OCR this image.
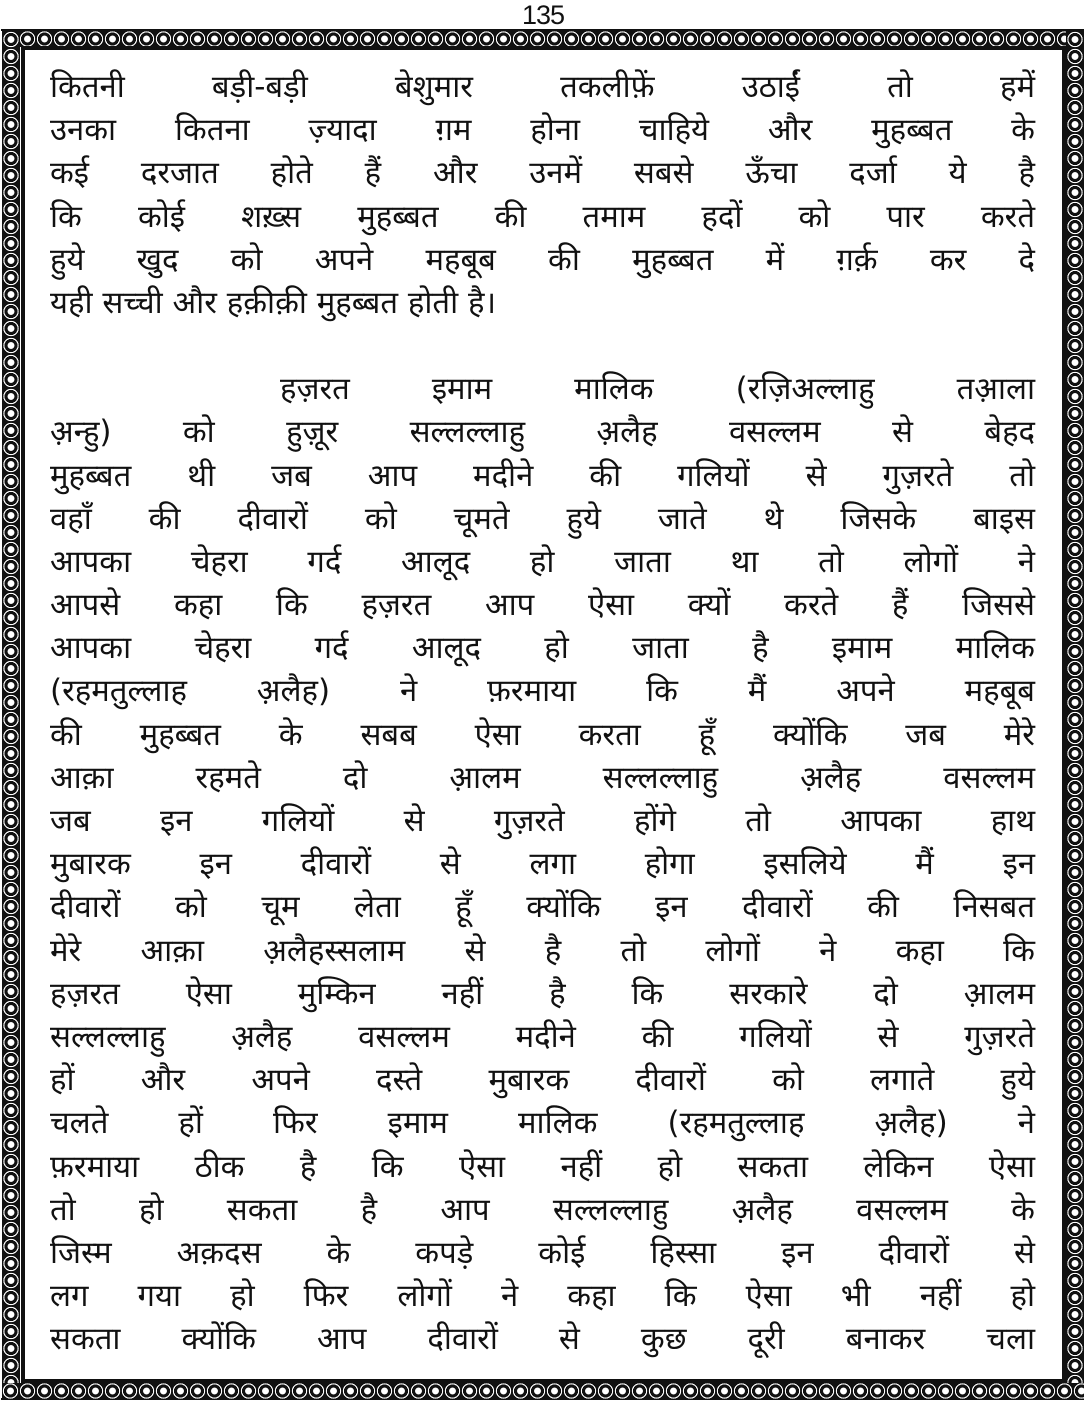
135
कितनी बड़ी-बड़ी बेशुमार तकलीफ़ें उठाईं तो हमें
उनका कितना ज़्यादा ग़म होना चाहिये और मुहब्बत के
कई दरजात होते हैं और उनमें सबसे ऊँचा दर्जा ये है
कि कोई शख़्स मुहब्बत की तमाम हदों को पार करते
हुये खुद को अपने महबूब की मुहब्बत में ग़र्क़ कर दे
यही सच्ची और हक़ीक़ी मुहब्बत होती है।
हज़रत इमाम मालिक (रज़िअल्लाहु तआ़ला
अ़न्हु) को हुज़ूर सल्लल्लाहु अ़लैह वसल्लम से बेहद
मुहब्बत थी जब आप मदीने की गलियों से गुज़रते तो
वहाँ की दीवारों को चूमते हुये जाते थे जिसके बाइस
आपका चेहरा गर्द आलूद हो जाता था तो लोगों ने
आपसे कहा कि हज़रत आप ऐसा क्यों करते हैं जिससे
आपका चेहरा गर्द आलूद हो जाता है इमाम मालिक
(रहमतुल्लाह अ़लैह) ने फ़रमाया कि मैं अपने महबूब
की मुहब्बत के सबब ऐसा करता हूँ क्योंकि जब मेरे
आक़ा रहमते दो आ़लम सल्लल्लाहु अ़लैह वसल्लम
जब इन गलियों से गुज़रते होंगे तो आपका हाथ
मुबारक इन दीवारों से लगा होगा इसलिये मैं इन
दीवारों को चूम लेता हूँ क्योंकि इन दीवारों की निसबत
मेरे आक़ा अ़लैहस्सलाम से है तो लोगों ने कहा कि
हज़रत ऐसा मुम्किन नहीं है कि सरकारे दो आ़लम
सल्लल्लाहु अ़लैह वसल्लम मदीने की गलियों से गुज़रते
हों और अपने दस्ते मुबारक दीवारों को लगाते हुये
चलते हों फिर इमाम मालिक (रहमतुल्लाह अ़लैह) ने
फ़रमाया ठीक है कि ऐसा नहीं हो सकता लेकिन ऐसा
तो हो सकता है आप सल्लल्लाहु अ़लैह वसल्लम के
जिस्म अक़दस के कपड़े कोई हिस्सा इन दीवारों से
लग गया हो फिर लोगों ने कहा कि ऐसा भी नहीं हो
सकता क्योंकि आप दीवारों से कुछ दूरी बनाकर चला
